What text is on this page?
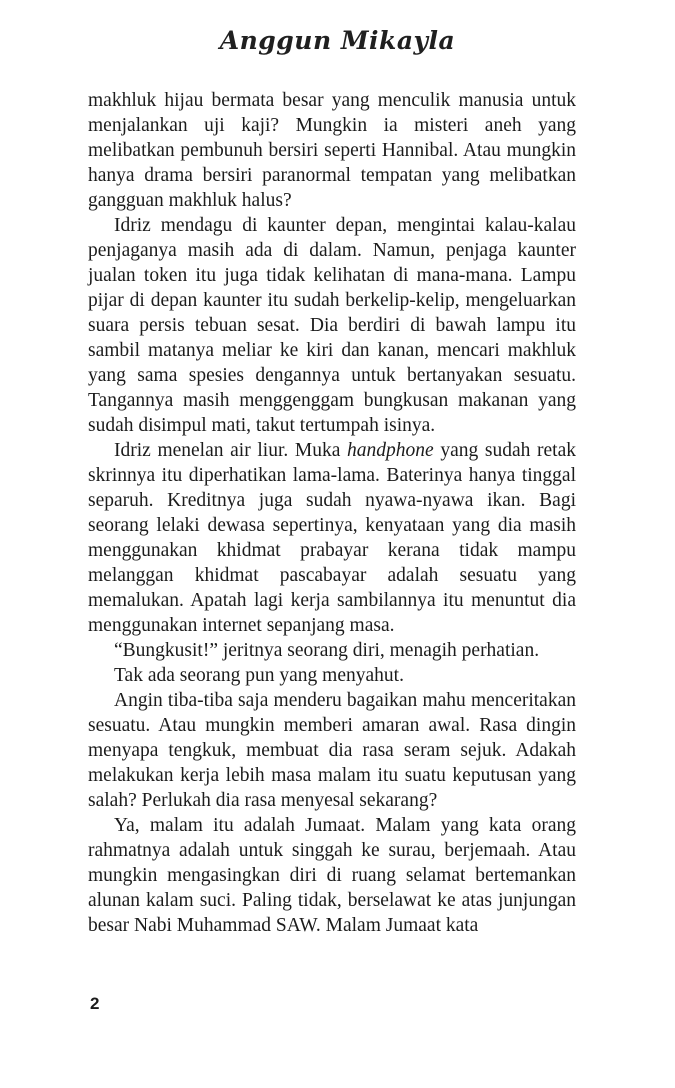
Anggun Mikayla

makhluk hijau bermata besar yang menculik manusia untuk menjalankan uji kaji? Mungkin ia misteri aneh yang melibatkan pembunuh bersiri seperti Hannibal. Atau mungkin hanya drama bersiri paranormal tempatan yang melibatkan gangguan makhluk halus?

Idriz mendagu di kaunter depan, mengintai kalau-kalau penjaganya masih ada di dalam. Namun, penjaga kaunter jualan token itu juga tidak kelihatan di mana-mana. Lampu pijar di depan kaunter itu sudah berkelip-kelip, mengeluarkan suara persis tebuan sesat. Dia berdiri di bawah lampu itu sambil matanya meliar ke kiri dan kanan, mencari makhluk yang sama spesies dengannya untuk bertanyakan sesuatu. Tangannya masih menggenggam bungkusan makanan yang sudah disimpul mati, takut tertumpah isinya.

Idriz menelan air liur. Muka handphone yang sudah retak skrinnya itu diperhatikan lama-lama. Baterinya hanya tinggal separuh. Kreditnya juga sudah nyawa-nyawa ikan. Bagi seorang lelaki dewasa sepertinya, kenyataan yang dia masih menggunakan khidmat prabayar kerana tidak mampu melanggan khidmat pascabayar adalah sesuatu yang memalukan. Apatah lagi kerja sambilannya itu menuntut dia menggunakan internet sepanjang masa.

“Bungkusit!” jeritnya seorang diri, menagih perhatian.

Tak ada seorang pun yang menyahut.

Angin tiba-tiba saja menderu bagaikan mahu menceritakan sesuatu. Atau mungkin memberi amaran awal. Rasa dingin menyapa tengkuk, membuat dia rasa seram sejuk. Adakah melakukan kerja lebih masa malam itu suatu keputusan yang salah? Perlukah dia rasa menyesal sekarang?

Ya, malam itu adalah Jumaat. Malam yang kata orang rahmatnya adalah untuk singgah ke surau, berjemaah. Atau mungkin mengasingkan diri di ruang selamat bertemankan alunan kalam suci. Paling tidak, berselawat ke atas junjungan besar Nabi Muhammad SAW. Malam Jumaat kata

2
